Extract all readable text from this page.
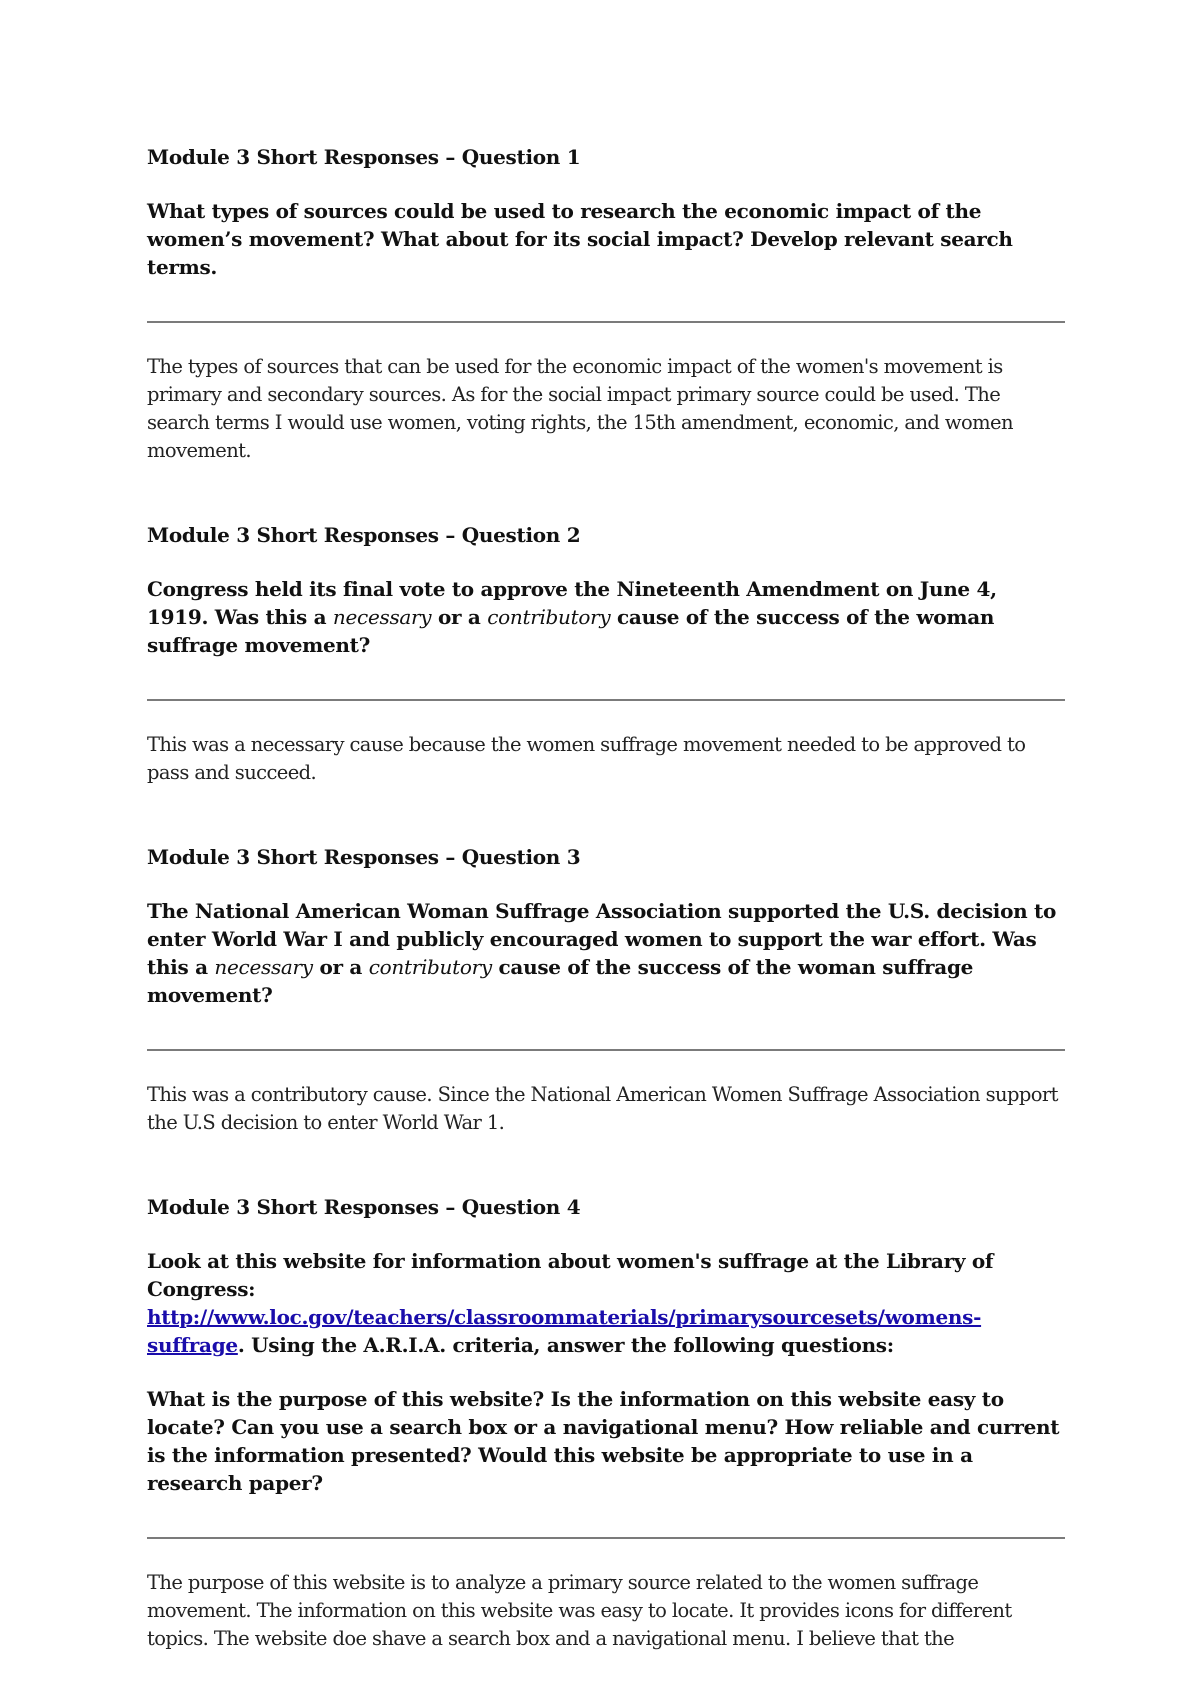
Module 3 Short Responses – Question 1

What types of sources could be used to research the economic impact of the women’s movement? What about for its social impact? Develop relevant search terms.

The types of sources that can be used for the economic impact of the women's movement is primary and secondary sources. As for the social impact primary source could be used. The search terms I would use women, voting rights, the 15th amendment, economic, and women movement.

Module 3 Short Responses – Question 2

Congress held its final vote to approve the Nineteenth Amendment on June 4, 1919. Was this a necessary or a contributory cause of the success of the woman suffrage movement?

This was a necessary cause because the women suffrage movement needed to be approved to pass and succeed.

Module 3 Short Responses – Question 3

The National American Woman Suffrage Association supported the U.S. decision to enter World War I and publicly encouraged women to support the war effort. Was this a necessary or a contributory cause of the success of the woman suffrage movement?

This was a contributory cause. Since the National American Women Suffrage Association support the U.S decision to enter World War 1.

Module 3 Short Responses – Question 4

Look at this website for information about women's suffrage at the Library of Congress: http://www.loc.gov/teachers/classroommaterials/primarysourcesets/womens-suffrage. Using the A.R.I.A. criteria, answer the following questions:

What is the purpose of this website? Is the information on this website easy to locate? Can you use a search box or a navigational menu? How reliable and current is the information presented? Would this website be appropriate to use in a research paper?

The purpose of this website is to analyze a primary source related to the women suffrage movement. The information on this website was easy to locate. It provides icons for different topics. The website doe shave a search box and a navigational menu. I believe that the
